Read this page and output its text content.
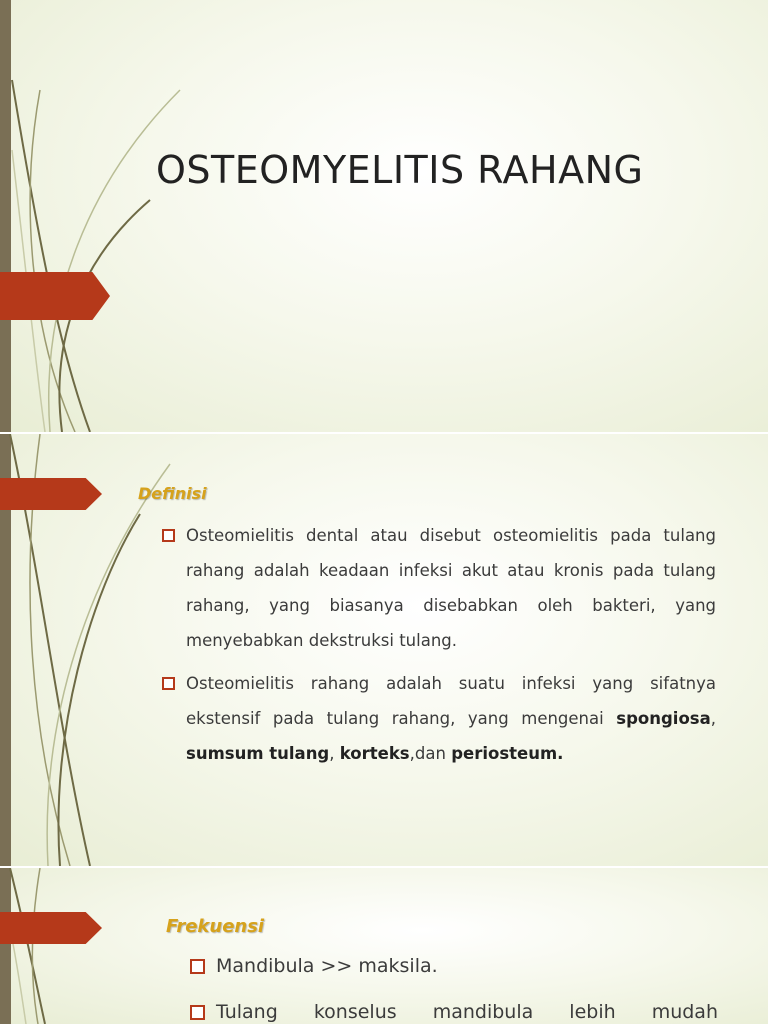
OSTEOMYELITIS RAHANG
Definisi
Osteomielitis dental atau disebut osteomielitis pada tulang rahang adalah keadaan infeksi akut atau kronis pada tulang rahang, yang biasanya disebabkan oleh bakteri, yang menyebabkan dekstruksi tulang.
Osteomielitis rahang adalah suatu infeksi yang sifatnya ekstensif pada tulang rahang, yang mengenai spongiosa, sumsum tulang, korteks,dan periosteum.
Frekuensi
Mandibula >> maksila.
Tulang konselus mandibula lebih mudah
